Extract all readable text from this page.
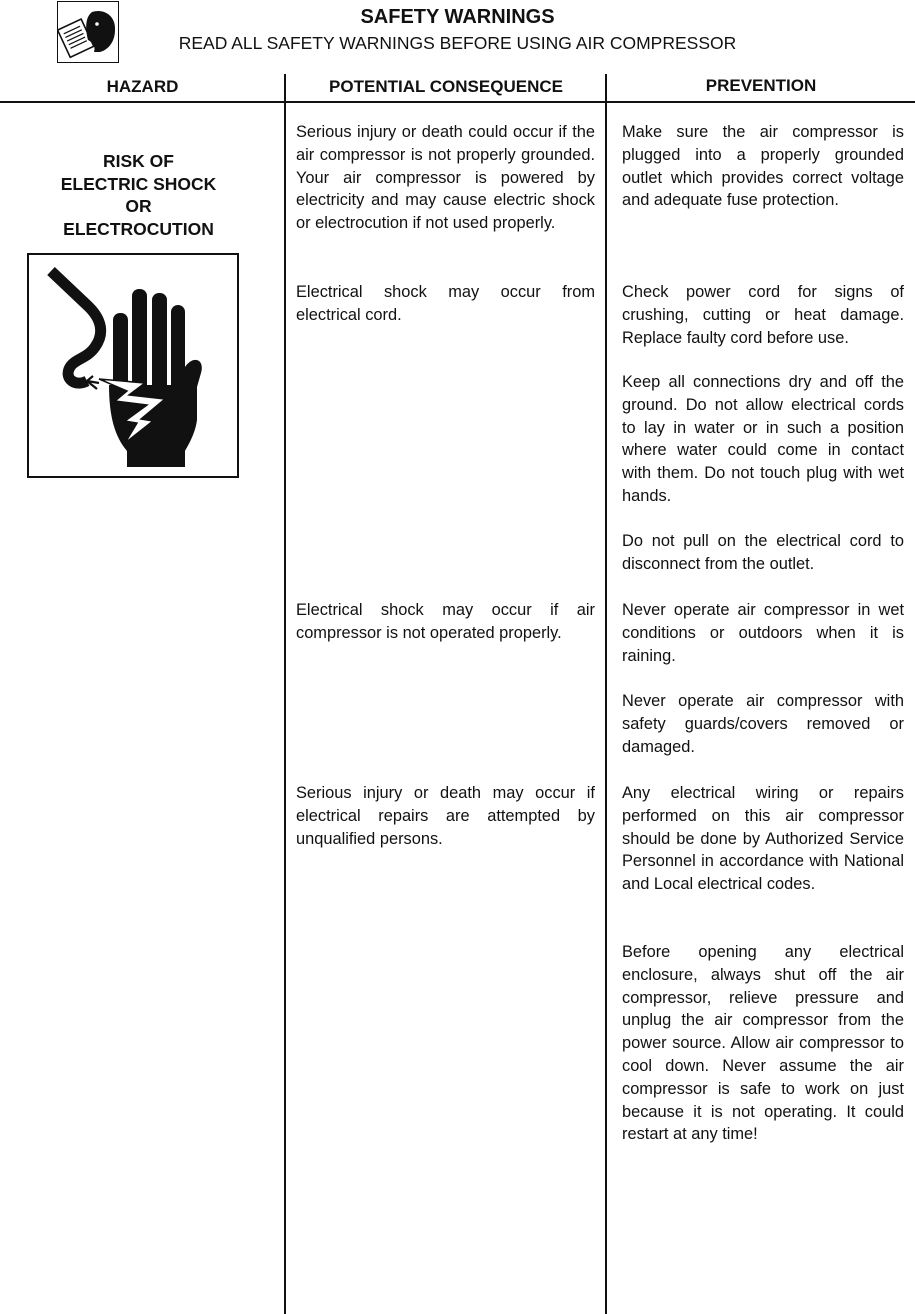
SAFETY WARNINGS
READ ALL SAFETY WARNINGS BEFORE USING AIR COMPRESSOR
HAZARD	POTENTIAL CONSEQUENCE	PREVENTION
RISK OF
ELECTRIC SHOCK
OR
ELECTROCUTION

Serious injury or death could occur if the air compressor is not properly grounded. Your air compressor is powered by electricity and may cause electric shock or electrocution if not used properly.

Electrical shock may occur from electrical cord.

Electrical shock may occur if air compressor is not operated properly.

Serious injury or death may occur if electrical repairs are attempted by unqualified persons.

Make sure the air compressor is plugged into a properly grounded outlet which provides correct voltage and adequate fuse protection.

Check power cord for signs of crushing, cutting or heat damage. Replace faulty cord before use.

Keep all connections dry and off the ground. Do not allow electrical cords to lay in water or in such a position where water could come in contact with them. Do not touch plug with wet hands.

Do not pull on the electrical cord to disconnect from the outlet.

Never operate air compressor in wet conditions or outdoors when it is raining.

Never operate air compressor with safety guards/covers removed or damaged.

Any electrical wiring or repairs performed on this air compressor should be done by Authorized Service Personnel in accordance with National and Local electrical codes.

Before opening any electrical enclosure, always shut off the air compressor, relieve pressure and unplug the air compressor from the power source. Allow air compressor to cool down. Never assume the air compressor is safe to work on just because it is not operating. It could restart at any time!
